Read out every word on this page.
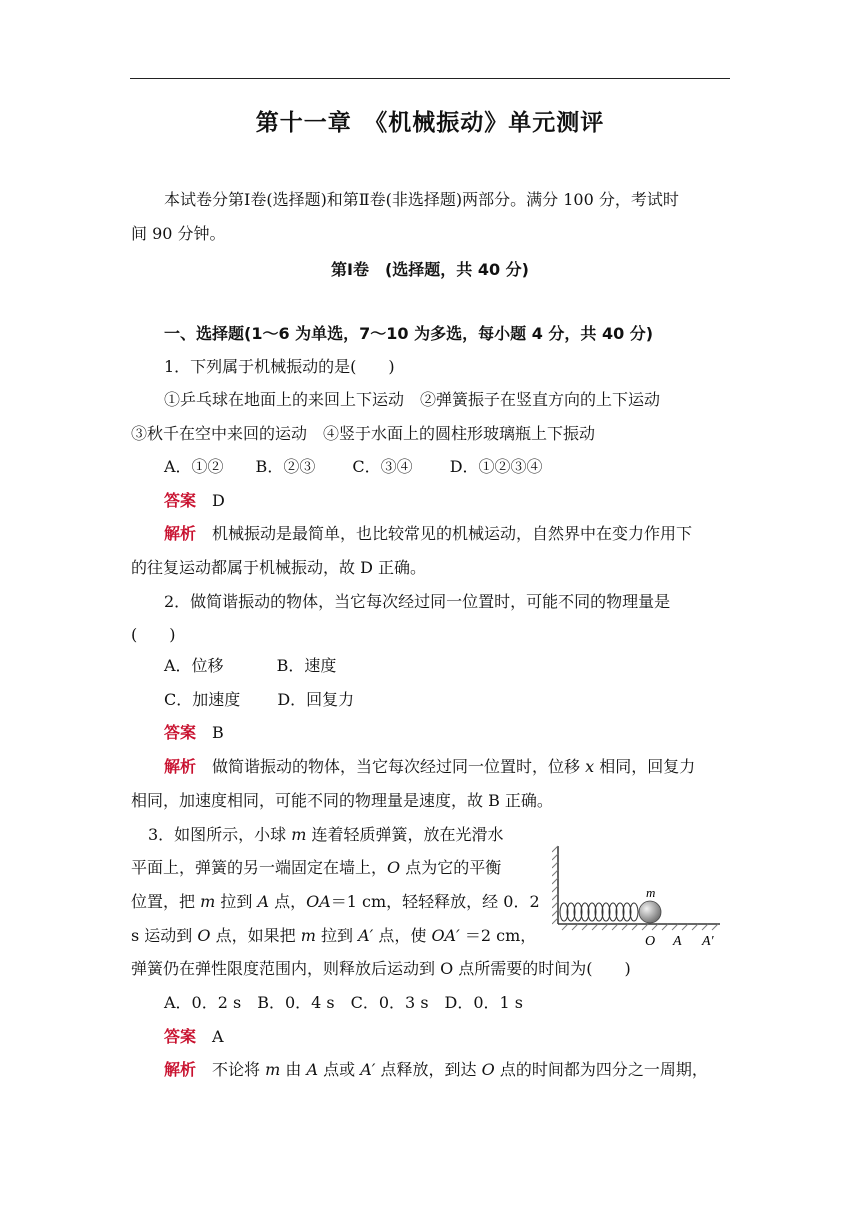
第十一章　《机械振动》单元测评
本试卷分第Ⅰ卷(选择题)和第Ⅱ卷(非选择题)两部分。满分 100 分，考试时
间 90 分钟。
第Ⅰ卷　(选择题，共 40 分)
一、选择题(1～6 为单选，7～10 为多选，每小题 4 分，共 40 分)
1．下列属于机械振动的是(　　)
①乒乓球在地面上的来回上下运动　②弹簧振子在竖直方向的上下运动
③秋千在空中来回的运动　④竖于水面上的圆柱形玻璃瓶上下振动
A．①②　　B．②③　　 C．③④　　 D．①②③④
答案　 D
解析　 机械振动是最简单，也比较常见的机械运动，自然界中在变力作用下
的往复运动都属于机械振动，故 D 正确。
2．做简谐振动的物体，当它每次经过同一位置时，可能不同的物理量是
(　　)
A．位移　　　 B．速度
C．加速度　　 D．回复力
答案　 B
解析　 做简谐振动的物体，当它每次经过同一位置时，位移 x 相同，回复力
相同，加速度相同，可能不同的物理量是速度，故 B 正确。
3．如图所示，小球 m 连着轻质弹簧，放在光滑水
平面上，弹簧的另一端固定在墙上，O 点为它的平衡
位置，把 m 拉到 A 点，OA＝1 cm，轻轻释放，经 0．2
s 运动到 O 点，如果把 m 拉到 A′ 点，使 OA′ ＝2 cm，
弹簧仍在弹性限度范围内，则释放后运动到 O 点所需要的时间为(　　)
A．0．2 s　B．0．4 s　C．0．3 s　D．0．1 s
答案　 A
解析　 不论将 m 由 A 点或 A′ 点释放，到达 O 点的时间都为四分之一周期，
m
O A A′
